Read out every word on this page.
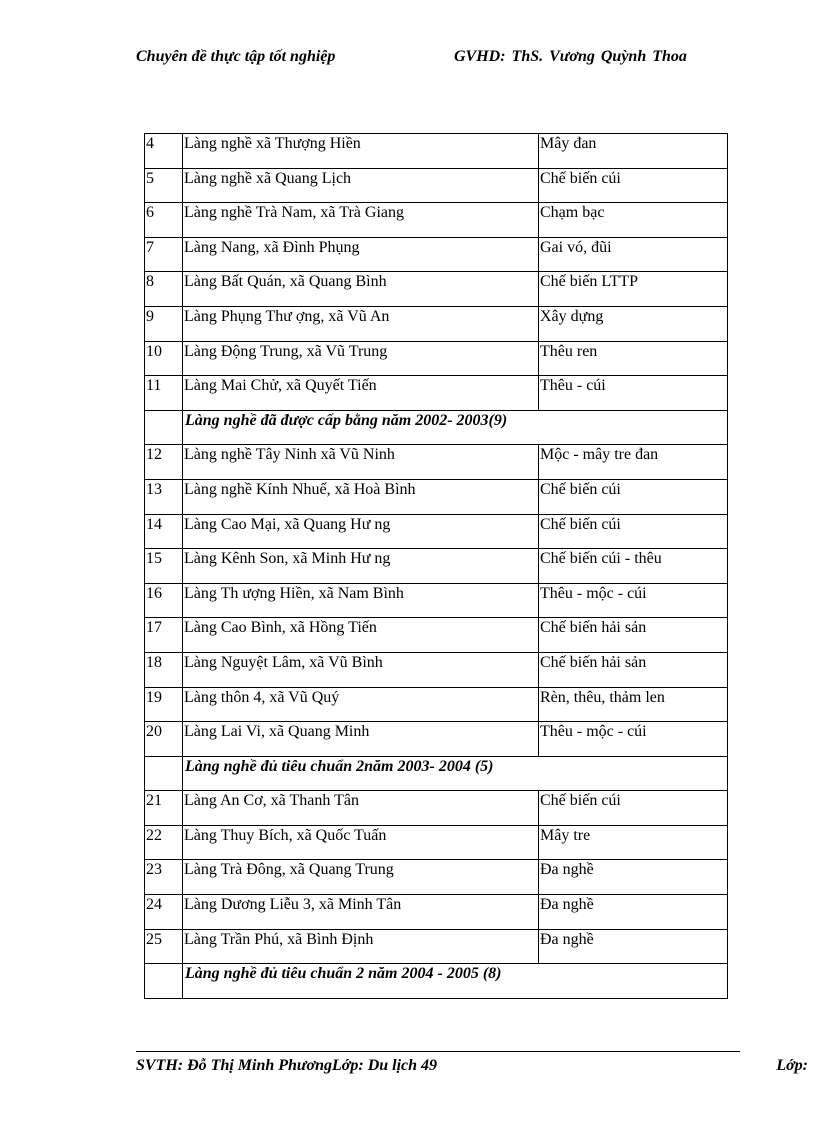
Chuyên đề thực tập tốt nghiệp	GVHD: ThS. Vương Quỳnh Thoa
4	Làng nghề xã Thượng Hiền	Mây đan
5	Làng nghề xã Quang Lịch	Chế biến cúi
6	Làng nghề Trà Nam, xã Trà Giang	Chạm bạc
7	Làng Nang, xã Đình Phụng	Gai vó, đũi
8	Làng Bất Quán, xã Quang Bình	Chế biến LTTP
9	Làng Phụng Thư ợng, xã Vũ An	Xây dựng
10	Làng Động Trung, xã Vũ Trung	Thêu ren
11	Làng Mai Chử, xã Quyết Tiến	Thêu - cúi
	Làng nghề đã được cấp bằng năm 2002- 2003(9)	
12	Làng nghề Tây Ninh xã Vũ Ninh	Mộc - mây tre đan
13	Làng nghề Kính Nhuế, xã Hoà Bình	Chế biến cúi
14	Làng Cao Mại, xã Quang Hư ng	Chế biến cúi
15	Làng Kênh Son, xã Minh Hư ng	Chế biến cúi - thêu
16	Làng Th ượng Hiền, xã Nam Bình	Thêu - mộc - cúi
17	Làng Cao Bình, xã Hồng Tiến	Chế biến hải sản
18	Làng Nguyệt Lâm, xã Vũ Bình	Chế biến hải sản
19	Làng thôn 4, xã Vũ Quý	Rèn, thêu, thảm len
20	Làng Lai Vi, xã Quang Minh	Thêu - mộc - cúi
	Làng nghề đủ tiêu chuẩn 2năm 2003- 2004 (5)	
21	Làng An Cơ, xã Thanh Tân	Chế biến cúi
22	Làng Thuy Bích, xã Quốc Tuấn	Mây tre
23	Làng Trà Đông, xã Quang Trung	Đa nghề
24	Làng Dương Liễu 3, xã Minh Tân	Đa nghề
25	Làng Trần Phú, xã Bình Định	Đa nghề
	Làng nghề đủ tiêu chuẩn 2 năm 2004 - 2005 (8)	
SVTH: Đỗ Thị Minh PhươngLớp: Du lịch 49	Lớp:
